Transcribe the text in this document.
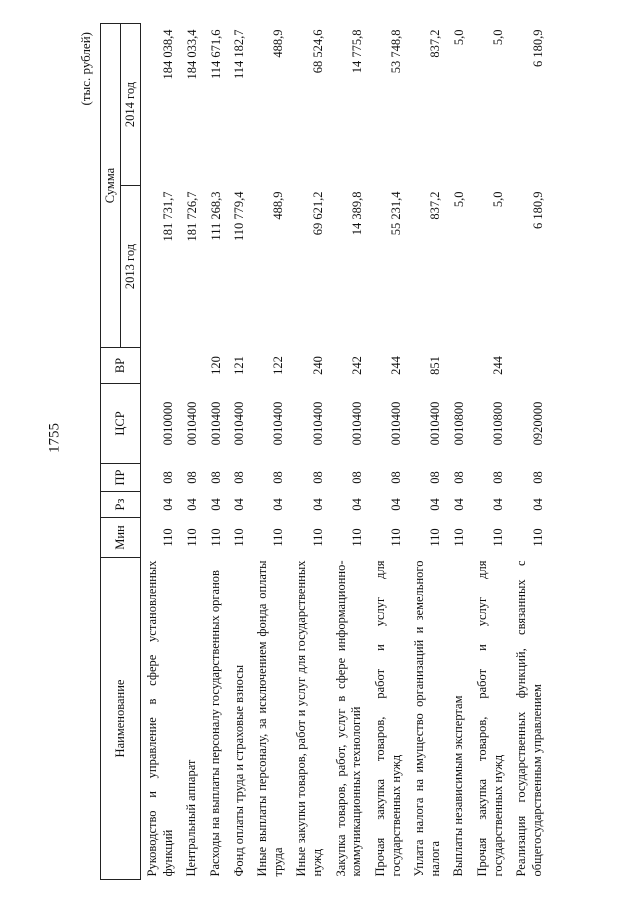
1755
(тыс. рублей)
Наименование	Мин	Рз	ПР	ЦСР	ВР	Сумма	
						2013 год	2014 год
Руководство и управление в сфере установленных функций	110	04	08	0010000		181 731,7	184 038,4
Центральный аппарат	110	04	08	0010400		181 726,7	184 033,4
Расходы на выплаты персоналу государственных органов	110	04	08	0010400	120	111 268,3	114 671,6
Фонд оплаты труда и страховые взносы	110	04	08	0010400	121	110 779,4	114 182,7
Иные выплаты персоналу, за исключением фонда оплаты труда	110	04	08	0010400	122	488,9	488,9
Иные закупки товаров, работ и услуг для государственных нужд	110	04	08	0010400	240	69 621,2	68 524,6
Закупка товаров, работ, услуг в сфере информационно-коммуникационных технологий	110	04	08	0010400	242	14 389,8	14 775,8
Прочая закупка товаров, работ и услуг для государственных нужд	110	04	08	0010400	244	55 231,4	53 748,8
Уплата налога на имущество организаций и земельного налога	110	04	08	0010400	851	837,2	837,2
Выплаты независимым экспертам	110	04	08	0010800		5,0	5,0
Прочая закупка товаров, работ и услуг для государственных нужд	110	04	08	0010800	244	5,0	5,0
Реализация государственных функций, связанных с общегосударственным управлением	110	04	08	0920000		6 180,9	6 180,9
